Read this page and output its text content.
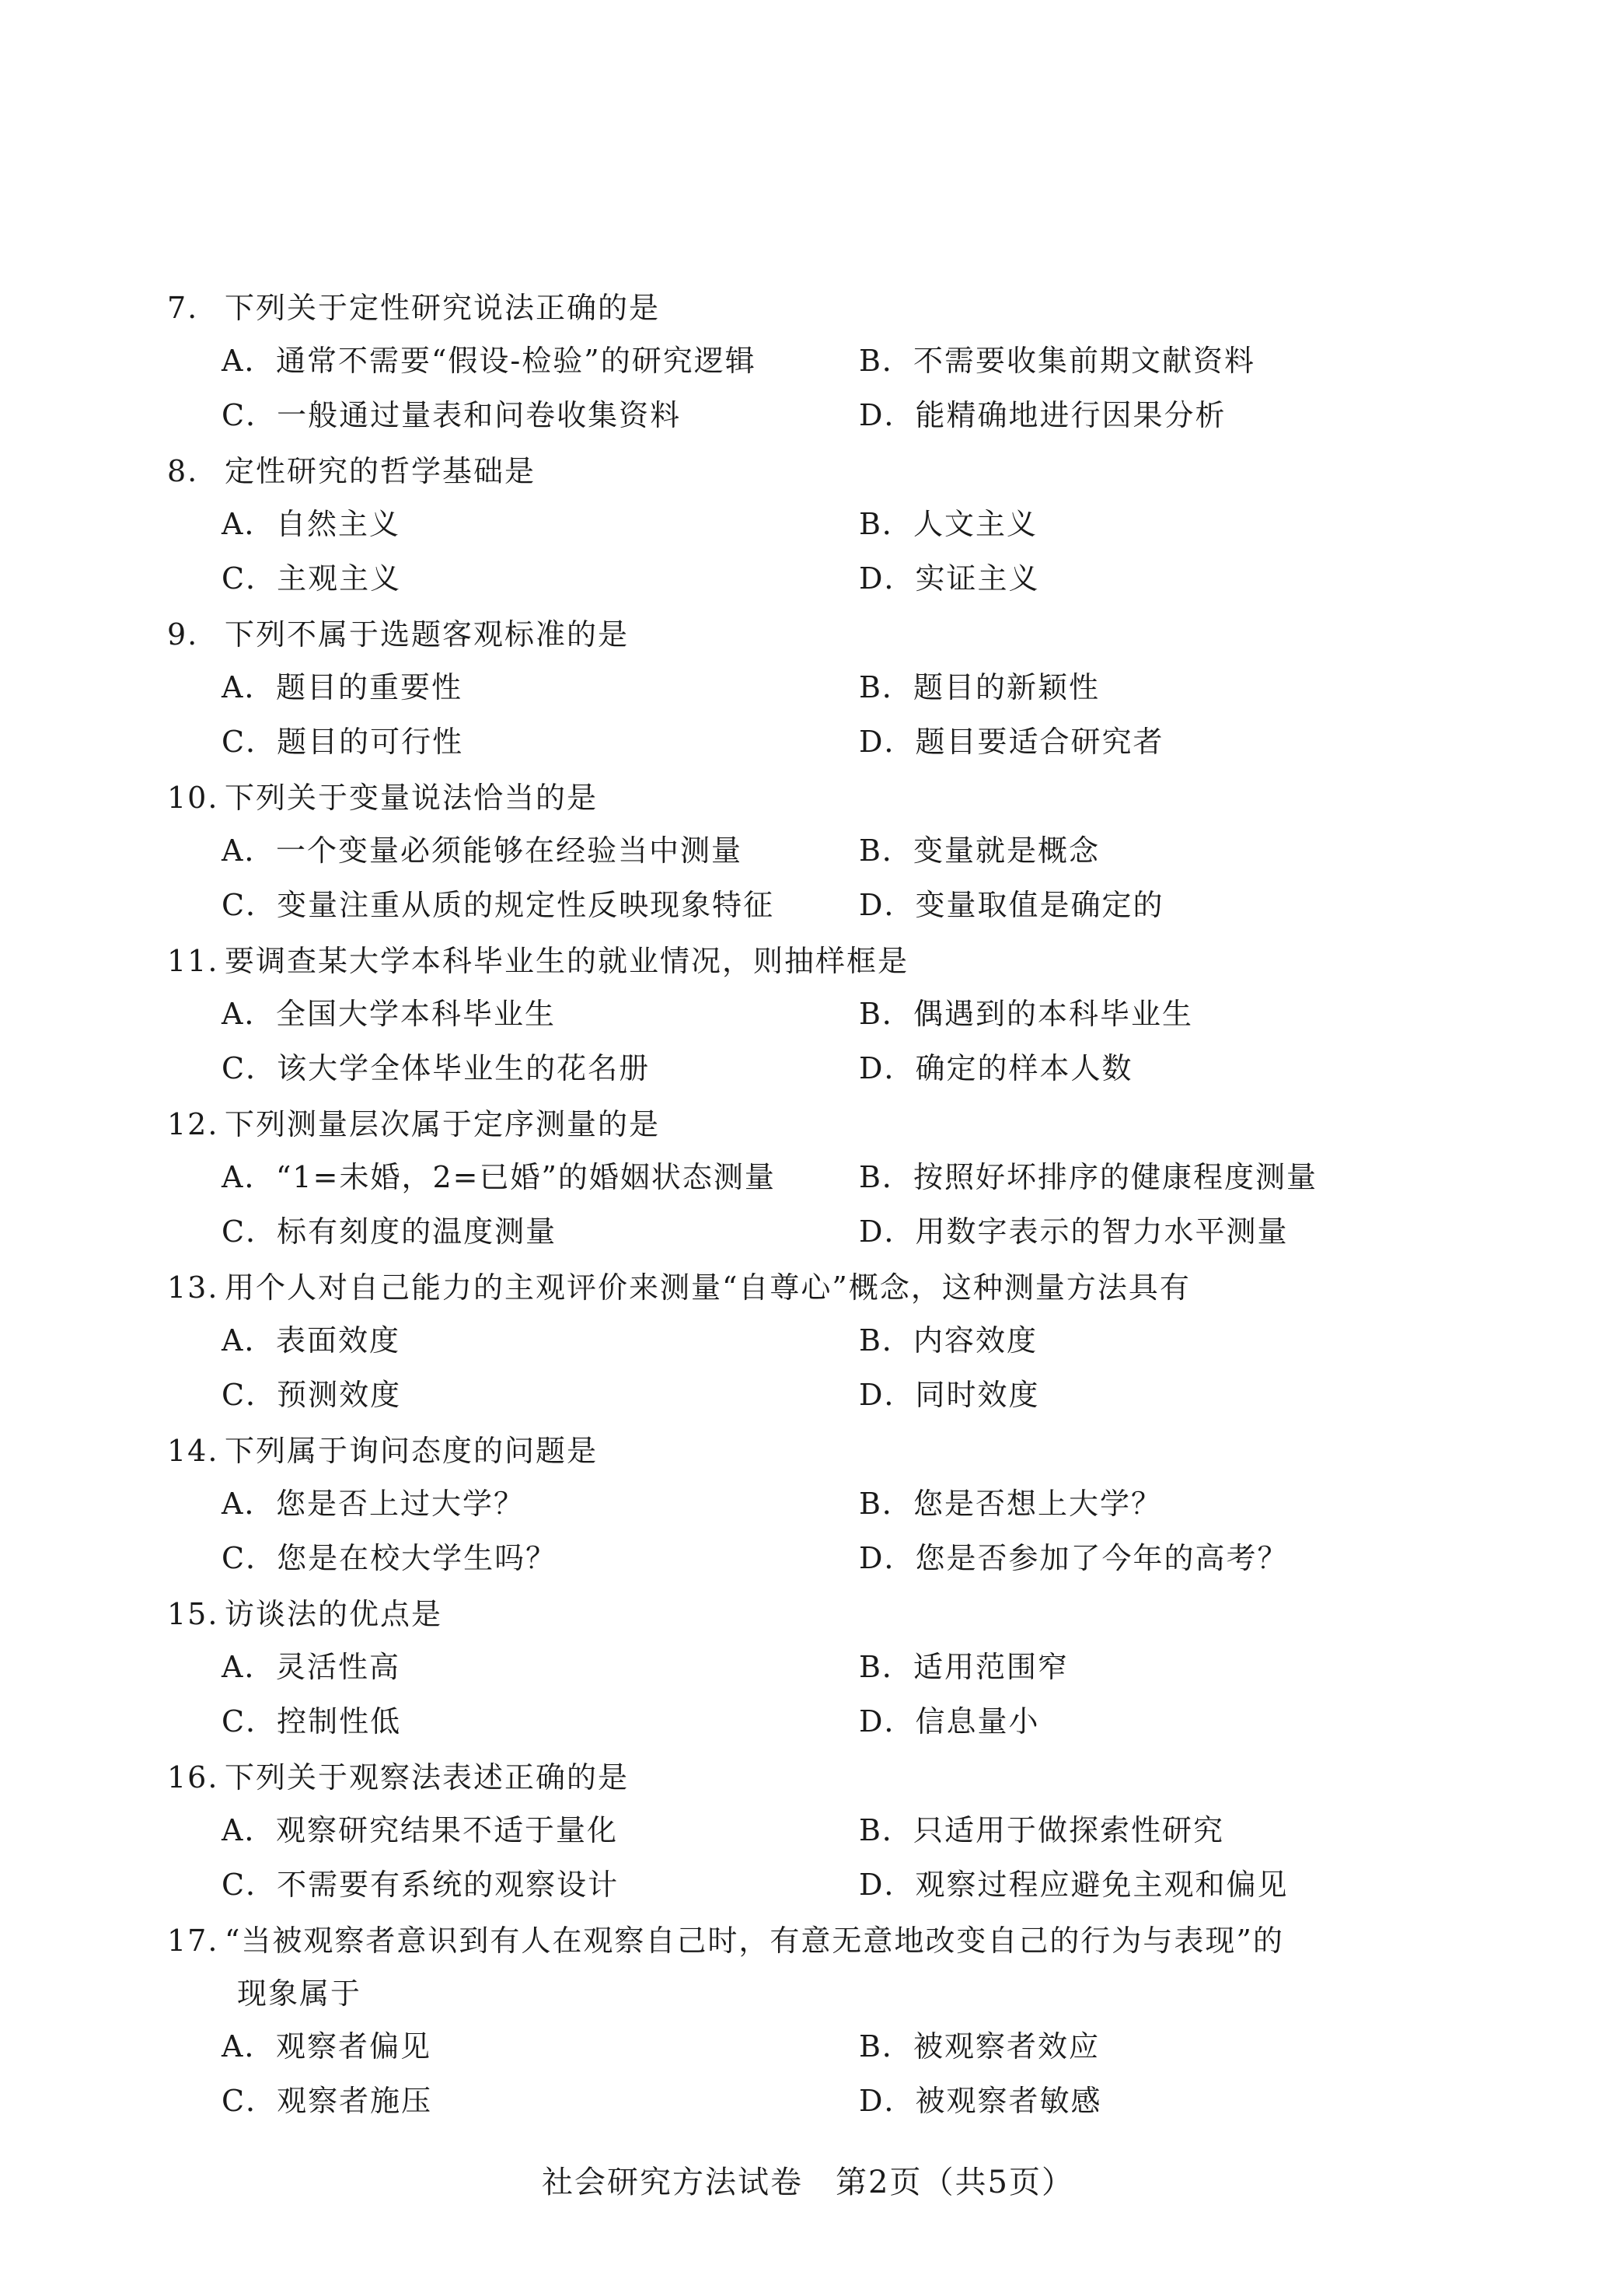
7. 下列关于定性研究说法正确的是
A．通常不需要“假设-检验”的研究逻辑	B．不需要收集前期文献资料
C．一般通过量表和问卷收集资料	D．能精确地进行因果分析
8. 定性研究的哲学基础是
A．自然主义	B．人文主义
C．主观主义	D．实证主义
9. 下列不属于选题客观标准的是
A．题目的重要性	B．题目的新颖性
C．题目的可行性	D．题目要适合研究者
10. 下列关于变量说法恰当的是
A．一个变量必须能够在经验当中测量	B．变量就是概念
C．变量注重从质的规定性反映现象特征	D．变量取值是确定的
11. 要调查某大学本科毕业生的就业情况，则抽样框是
A．全国大学本科毕业生	B．偶遇到的本科毕业生
C．该大学全体毕业生的花名册	D．确定的样本人数
12. 下列测量层次属于定序测量的是
A．“1=未婚，2=已婚”的婚姻状态测量	B．按照好坏排序的健康程度测量
C．标有刻度的温度测量	D．用数字表示的智力水平测量
13. 用个人对自己能力的主观评价来测量“自尊心”概念，这种测量方法具有
A．表面效度	B．内容效度
C．预测效度	D．同时效度
14. 下列属于询问态度的问题是
A．您是否上过大学？	B．您是否想上大学？
C．您是在校大学生吗？	D．您是否参加了今年的高考？
15. 访谈法的优点是
A．灵活性高	B．适用范围窄
C．控制性低	D．信息量小
16. 下列关于观察法表述正确的是
A．观察研究结果不适于量化	B．只适用于做探索性研究
C．不需要有系统的观察设计	D．观察过程应避免主观和偏见
17. “当被观察者意识到有人在观察自己时，有意无意地改变自己的行为与表现”的
现象属于
A．观察者偏见	B．被观察者效应
C．观察者施压	D．被观察者敏感
社会研究方法试卷　第2页（共5页）
